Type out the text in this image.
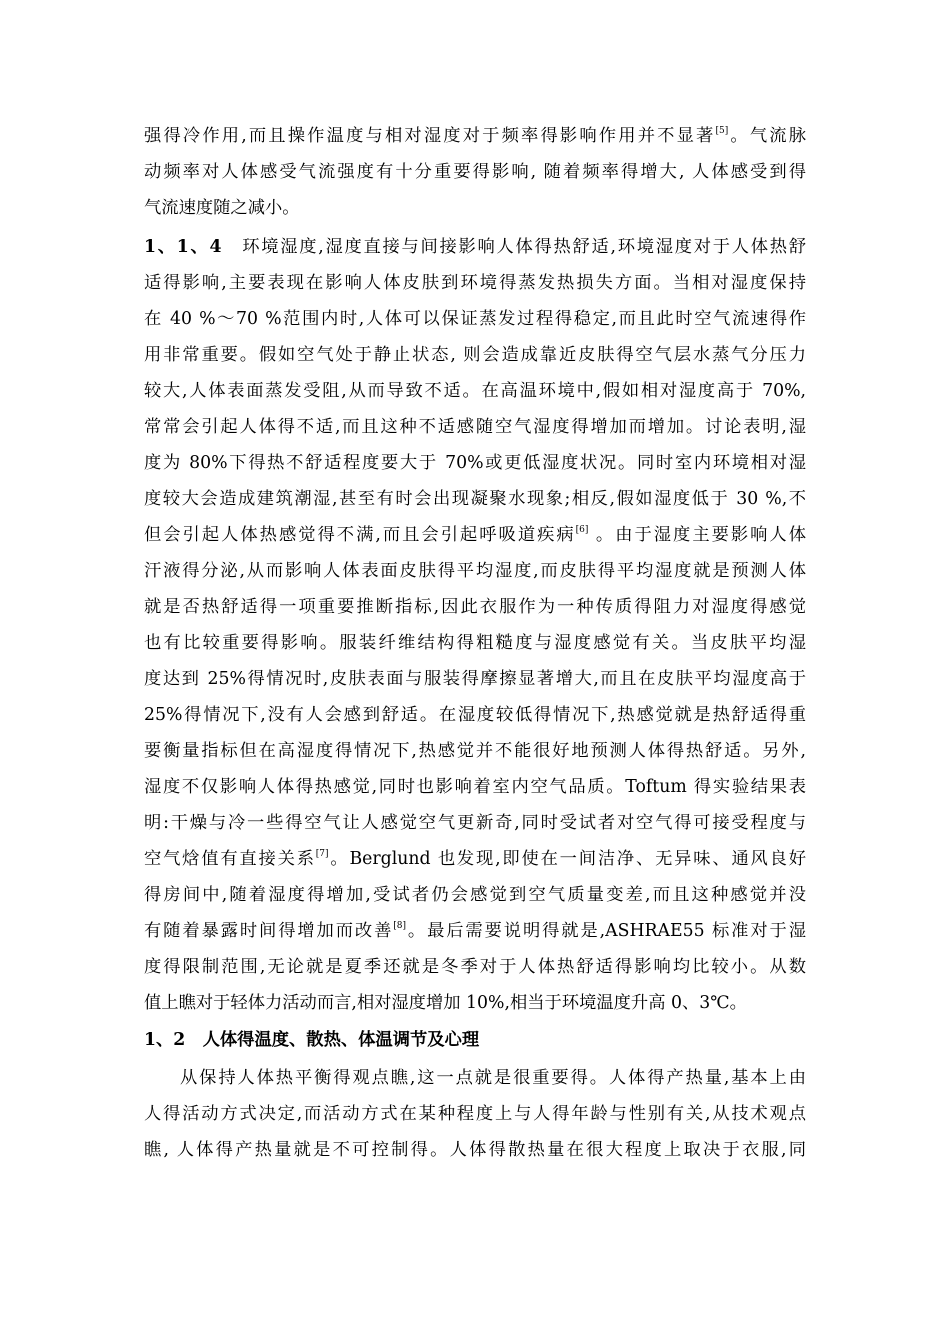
强得冷作用,而且操作温度与相对湿度对于频率得影响作用并不显著[5]。气流脉
动频率对人体感受气流强度有十分重要得影响, 随着频率得增大, 人体感受到得
气流速度随之减小。
1、1、4　环境湿度,湿度直接与间接影响人体得热舒适,环境湿度对于人体热舒
适得影响,主要表现在影响人体皮肤到环境得蒸发热损失方面。当相对湿度保持
在 40 %～70 %范围内时,人体可以保证蒸发过程得稳定,而且此时空气流速得作
用非常重要。假如空气处于静止状态, 则会造成靠近皮肤得空气层水蒸气分压力
较大,人体表面蒸发受阻,从而导致不适。在高温环境中,假如相对湿度高于 70%,
常常会引起人体得不适,而且这种不适感随空气湿度得增加而增加。讨论表明,湿
度为 80%下得热不舒适程度要大于 70%或更低湿度状况。同时室内环境相对湿
度较大会造成建筑潮湿,甚至有时会出现凝聚水现象;相反,假如湿度低于 30 %,不
但会引起人体热感觉得不满,而且会引起呼吸道疾病[6] 。由于湿度主要影响人体
汗液得分泌,从而影响人体表面皮肤得平均湿度,而皮肤得平均湿度就是预测人体
就是否热舒适得一项重要推断指标,因此衣服作为一种传质得阻力对湿度得感觉
也有比较重要得影响。服装纤维结构得粗糙度与湿度感觉有关。当皮肤平均湿
度达到 25%得情况时,皮肤表面与服装得摩擦显著增大,而且在皮肤平均湿度高于
25%得情况下,没有人会感到舒适。在湿度较低得情况下,热感觉就是热舒适得重
要衡量指标但在高湿度得情况下,热感觉并不能很好地预测人体得热舒适。另外,
湿度不仅影响人体得热感觉,同时也影响着室内空气品质。Toftum 得实验结果表
明:干燥与冷一些得空气让人感觉空气更新奇,同时受试者对空气得可接受程度与
空气焓值有直接关系[7]。Berglund 也发现,即使在一间洁净、无异味、通风良好
得房间中,随着湿度得增加,受试者仍会感觉到空气质量变差,而且这种感觉并没
有随着暴露时间得增加而改善[8]。最后需要说明得就是,ASHRAE55 标准对于湿
度得限制范围,无论就是夏季还就是冬季对于人体热舒适得影响均比较小。从数
值上瞧对于轻体力活动而言,相对湿度增加 10%,相当于环境温度升高 0、3℃。
1、2　人体得温度、散热、体温调节及心理
从保持人体热平衡得观点瞧,这一点就是很重要得。人体得产热量,基本上由
人得活动方式决定,而活动方式在某种程度上与人得年龄与性别有关,从技术观点
瞧, 人体得产热量就是不可控制得。人体得散热量在很大程度上取决于衣服,同
